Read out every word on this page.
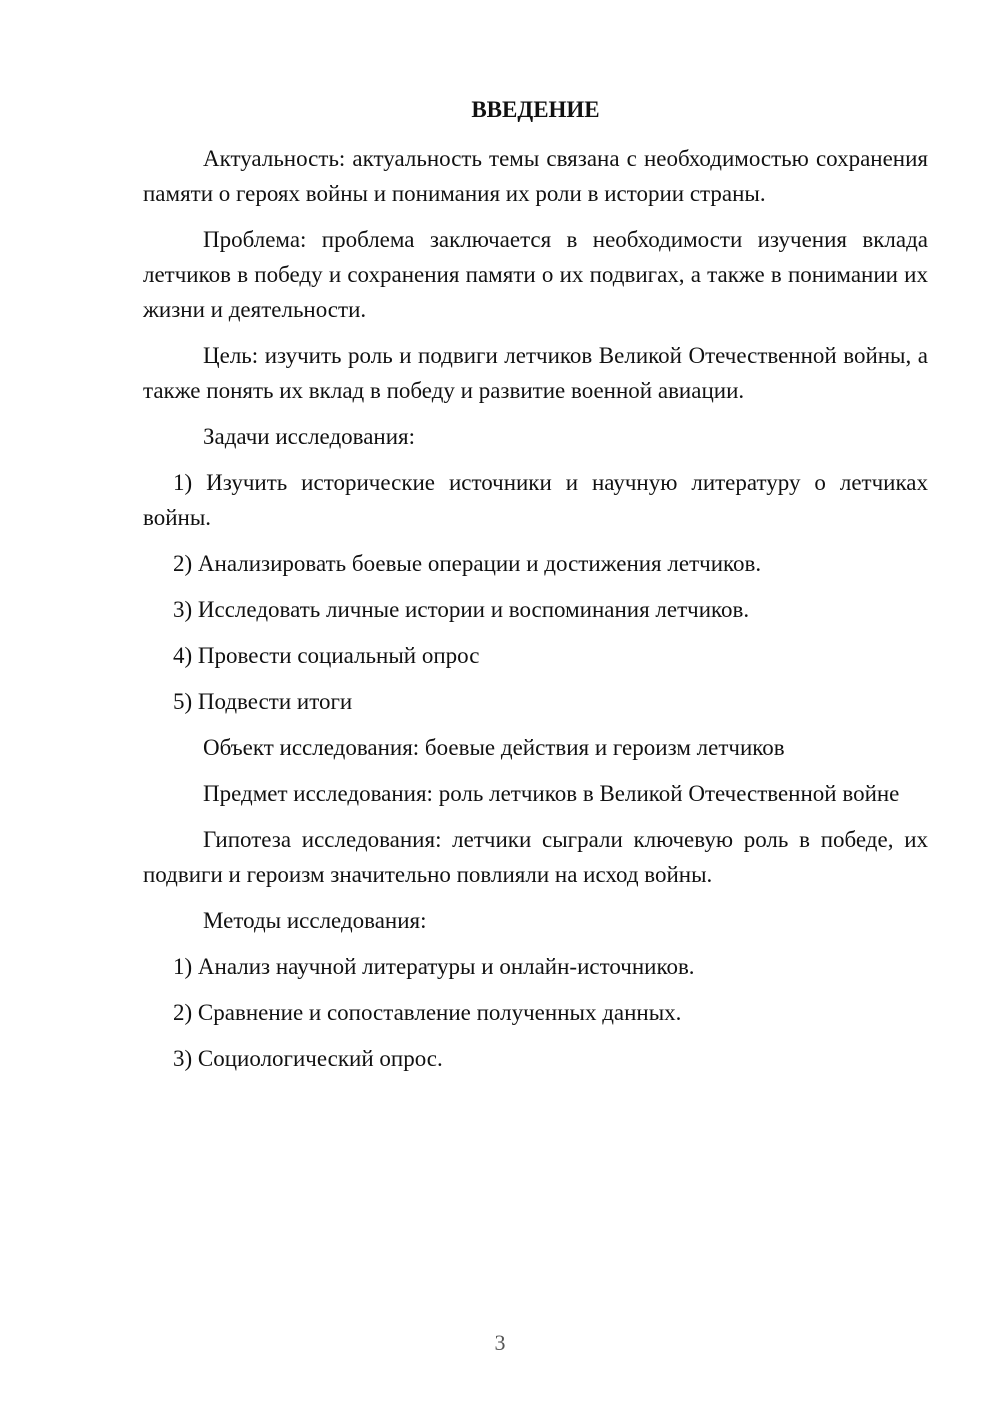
ВВЕДЕНИЕ

Актуальность: актуальность темы связана с необходимостью сохранения памяти о героях войны и понимания их роли в истории страны.

Проблема: проблема заключается в необходимости изучения вклада летчиков в победу и сохранения памяти о их подвигах, а также в понимании их жизни и деятельности.

Цель: изучить роль и подвиги летчиков Великой Отечественной войны, а также понять их вклад в победу и развитие военной авиации.

Задачи исследования:

1) Изучить исторические источники и научную литературу о летчиках войны.

2) Анализировать боевые операции и достижения летчиков.

3) Исследовать личные истории и воспоминания летчиков.

4) Провести социальный опрос

5) Подвести итоги

Объект исследования: боевые действия и героизм летчиков

Предмет исследования: роль летчиков в Великой Отечественной войне

Гипотеза исследования: летчики сыграли ключевую роль в победе, их подвиги и героизм значительно повлияли на исход войны.

Методы исследования:

1) Анализ научной литературы и онлайн-источников.

2) Сравнение и сопоставление полученных данных.

3) Социологический опрос.

3
